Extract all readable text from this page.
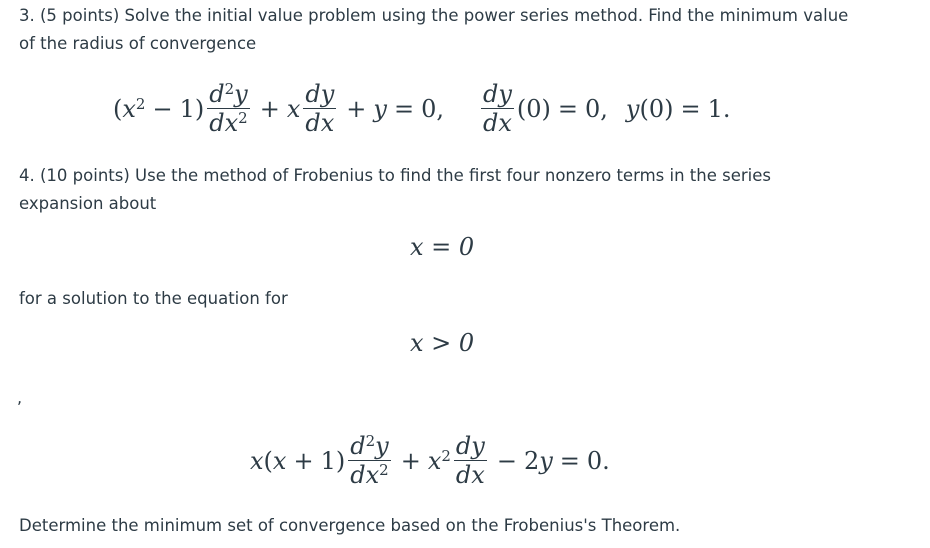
3. (5 points) Solve the initial value problem using the power series method. Find the minimum value

of the radius of convergence

$(x^2 - 1) \frac{d^2y}{dx^2} + x \frac{dy}{dx} + y = 0$, $\frac{dy}{dx} (0) = 0$, y(0) = 1.

4. (10 points) Use the method of Frobenius to find the first four nonzero terms in the series

expansion about

x = 0

for a solution to the equation for

x > 0
,
$x(x + 1) \frac{d^2y}{dx^2} + x^2 \frac{dy}{dx} - 2y = 0$.

Determine the minimum set of convergence based on the Frobenius's Theorem.
